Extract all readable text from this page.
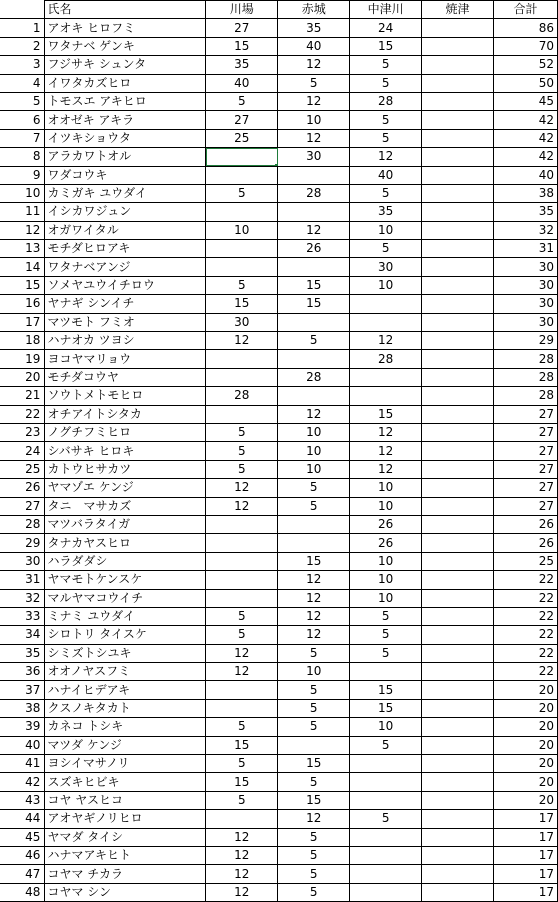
	氏名	川場	赤城	中津川	焼津	合計
1	アオキ ヒロフミ	27	35	24		86
2	ワタナベ ゲンキ	15	40	15		70
3	フジサキ シュンタ	35	12	5		52
4	イワタカズヒロ	40	5	5		50
5	トモスエ アキヒロ	5	12	28		45
6	オオゼキ アキラ	27	10	5		42
7	イツキショウタ	25	12	5		42
8	アラカワトオル		30	12		42
9	ワダコウキ			40		40
10	カミガキ ユウダイ	5	28	5		38
11	イシカワジュン			35		35
12	オガワイタル	10	12	10		32
13	モチダヒロアキ		26	5		31
14	ワタナベアンジ			30		30
15	ソメヤユウイチロウ	5	15	10		30
16	ヤナギ シンイチ	15	15			30
17	マツモト フミオ	30				30
18	ハナオカ ツヨシ	12	5	12		29
19	ヨコヤマリョウ			28		28
20	モチダコウヤ		28			28
21	ソウトメトモヒロ	28				28
22	オチアイトシタカ		12	15		27
23	ノグチフミヒロ	5	10	12		27
24	シバサキ ヒロキ	5	10	12		27
25	カトウヒサカツ	5	10	12		27
26	ヤマゾエ ケンジ	12	5	10		27
27	タニ　マサカズ	12	5	10		27
28	マツバラタイガ			26		26
29	タナカヤスヒロ			26		26
30	ハラダダシ		15	10		25
31	ヤマモトケンスケ		12	10		22
32	マルヤマコウイチ		12	10		22
33	ミナミ ユウダイ	5	12	5		22
34	シロトリ タイスケ	5	12	5		22
35	シミズトシユキ	12	5	5		22
36	オオノヤスフミ	12	10			22
37	ハナイヒデアキ		5	15		20
38	クスノキタカト		5	15		20
39	カネコ トシキ	5	5	10		20
40	マツダ ケンジ	15		5		20
41	ヨシイマサノリ	5	15			20
42	スズキヒビキ	15	5			20
43	コヤ ヤスヒコ	5	15			20
44	アオヤギノリヒロ		12	5		17
45	ヤマダ タイシ	12	5			17
46	ハナマアキヒト	12	5			17
47	コヤマ チカラ	12	5			17
48	コヤマ シン	12	5			17
